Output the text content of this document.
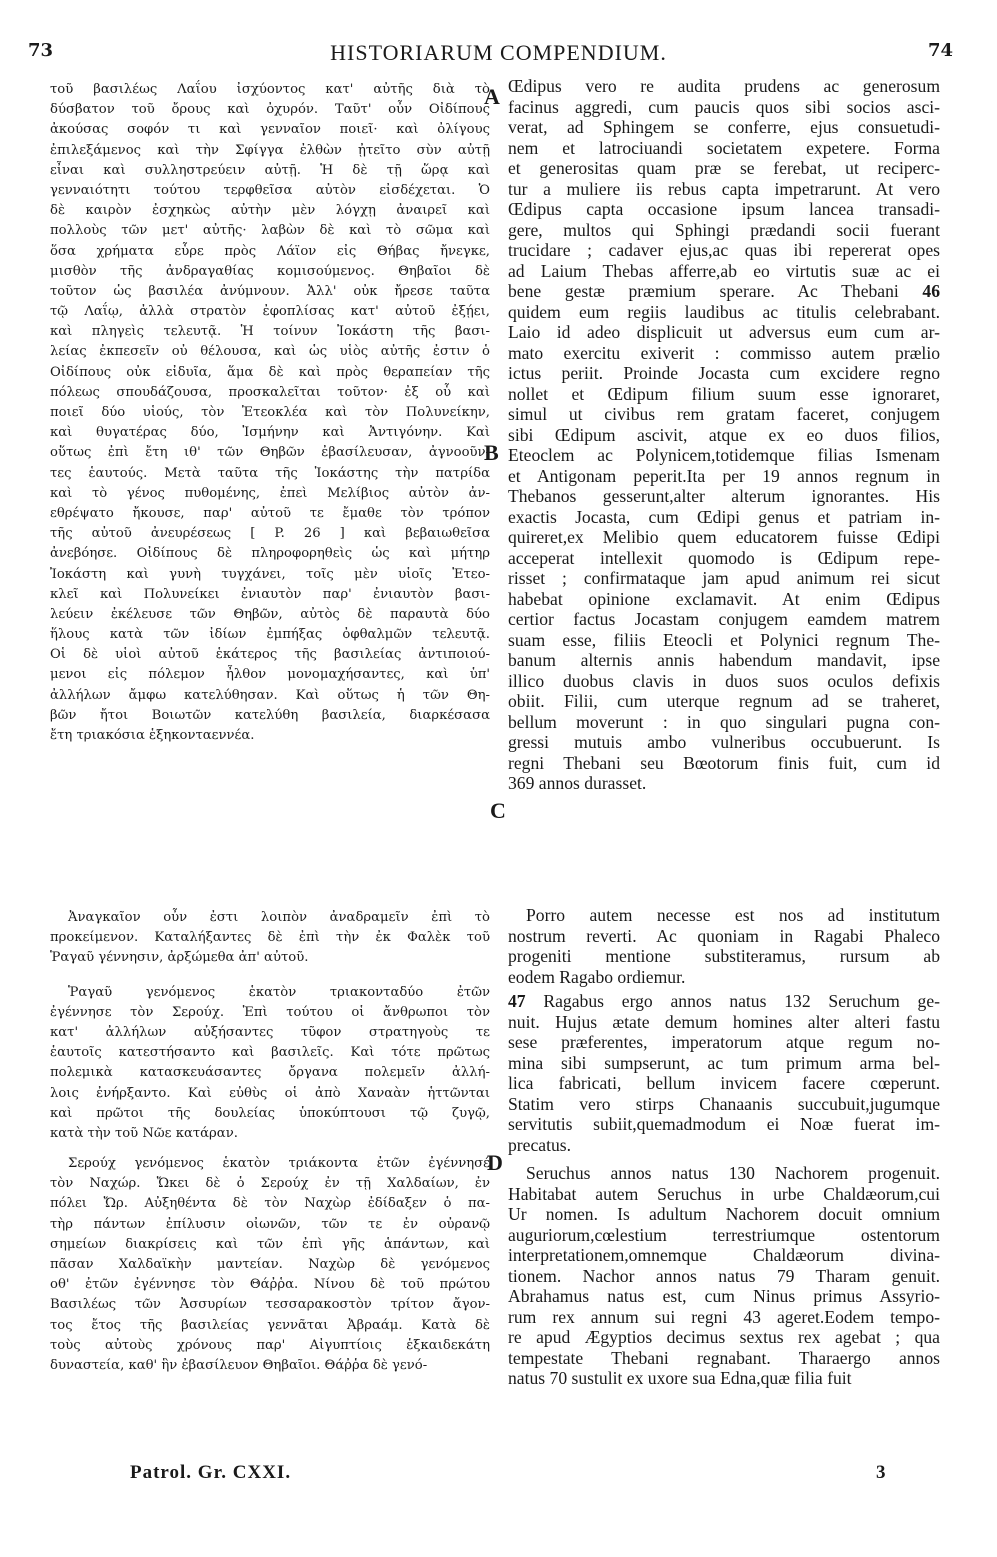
73	HISTORIARUM COMPENDIUM.	74
τοῦ βασιλέως Λαΐου ἰσχύοντος κατ' αὐτῆς διὰ τὸ
δύσβατον τοῦ ὄρους καὶ ὀχυρόν. Ταῦτ' οὖν Οἰδίπους
ἀκούσας σοφόν τι καὶ γενναῖον ποιεῖ· καὶ ὀλίγους
ἐπιλεξάμενος καὶ τὴν Σφίγγα ἐλθὼν ᾐτεῖτο σὺν αὐτῇ
εἶναι καὶ συλληστρεύειν αὐτῇ. Ἡ δὲ τῇ ὥρᾳ καὶ
γενναιότητι τούτου τερφθεῖσα αὐτὸν εἰσδέχεται. Ὁ
δὲ καιρὸν ἐσχηκὼς αὐτὴν μὲν λόγχῃ ἀναιρεῖ καὶ
πολλοὺς τῶν μετ' αὐτῆς· λαβὼν δὲ καὶ τὸ σῶμα καὶ
ὅσα χρήματα εὗρε πρὸς Λάϊον εἰς Θήβας ἤνεγκε,
μισθὸν τῆς ἀνδραγαθίας κομισούμενος. Θηβαῖοι δὲ
τοῦτον ὡς βασιλέα ἀνύμνουν. Ἀλλ' οὐκ ἤρεσε ταῦτα
τῷ Λαΐῳ, ἀλλὰ στρατὸν ἐφοπλίσας κατ' αὐτοῦ ἐξῄει,
καὶ πληγεὶς τελευτᾷ. Ἡ τοίνυν Ἰοκάστη τῆς βασι-
λείας ἐκπεσεῖν οὐ θέλουσα, καὶ ὡς υἱὸς αὐτῆς ἐστιν ὁ
Οἰδίπους οὐκ εἰδυῖα, ἅμα δὲ καὶ πρὸς θεραπείαν τῆς
πόλεως σπουδάζουσα, προσκαλεῖται τοῦτον· ἐξ οὗ καὶ
ποιεῖ δύο υἱούς, τὸν Ἐτεοκλέα καὶ τὸν Πολυνείκην,
καὶ θυγατέρας δύο, Ἰσμήνην καὶ Ἀντιγόνην. Καὶ
οὕτως ἐπὶ ἔτη ιθ' τῶν Θηβῶν ἐβασίλευσαν, ἀγνοοῦν-
τες ἑαυτούς. Μετὰ ταῦτα τῆς Ἰοκάστης τὴν πατρίδα
καὶ τὸ γένος πυθομένης, ἐπεὶ Μελίβιος αὐτὸν ἀν-
εθρέψατο ἤκουσε, παρ' αὐτοῦ τε ἔμαθε τὸν τρόπον
τῆς αὐτοῦ ἀνευρέσεως [ P. 26 ] καὶ βεβαιωθεῖσα
ἀνεβόησε. Οἰδίπους δὲ πληροφορηθεὶς ὡς καὶ μήτηρ
Ἰοκάστη καὶ γυνὴ τυγχάνει, τοῖς μὲν υἱοῖς Ἐτεο-
κλεῖ καὶ Πολυνείκει ἐνιαυτὸν παρ' ἐνιαυτὸν βασι-
λεύειν ἐκέλευσε τῶν Θηβῶν, αὐτὸς δὲ παραυτὰ δύο
ἥλους κατὰ τῶν ἰδίων ἐμπήξας ὀφθαλμῶν τελευτᾷ.
Οἱ δὲ υἱοὶ αὐτοῦ ἑκάτερος τῆς βασιλείας ἀντιποιού-
μενοι εἰς πόλεμον ἦλθον μονομαχήσαντες, καὶ ὑπ'
ἀλλήλων ἄμφω κατελύθησαν. Καὶ οὕτως ἡ τῶν Θη-
βῶν ἤτοι Βοιωτῶν κατελύθη βασιλεία, διαρκέσασα
ἔτη τριακόσια ἑξηκονταεννέα.
Œdipus vero re audita prudens ac generosum
facinus aggredi, cum paucis quos sibi socios asci-
verat, ad Sphingem se conferre, ejus consuetudi-
nem et latrociuandi societatem expetere. Forma
et generositas quam præ se ferebat, ut reciperc-
tur a muliere iis rebus capta impetrarunt. At vero
Œdipus capta occasione ipsum lancea transadi-
gere, multos qui Sphingi prædandi socii fuerant
trucidare ; cadaver ejus,ac quas ibi repererat opes
ad Laium Thebas afferre,ab eo virtutis suæ ac ei
bene gestæ præmium sperare. Ac Thebani 46
quidem eum regiis laudibus ac titulis celebrabant.
Laio id adeo displicuit ut adversus eum cum ar-
mato exercitu exiverit : commisso autem prælio
ictus periit. Proinde Jocasta cum excidere regno
nollet et Œdipum filium suum esse ignoraret,
simul ut civibus rem gratam faceret, conjugem
sibi Œdipum ascivit, atque ex eo duos filios,
Eteoclem ac Polynicem,totidemque filias Ismenam
et Antigonam peperit.Ita per 19 annos regnum in
Thebanos gesserunt,alter alterum ignorantes. His
exactis Jocasta, cum Œdipi genus et patriam in-
quireret,ex Melibio quem educatorem fuisse Œdipi
acceperat intellexit quomodo is Œdipum repe-
risset ; confirmataque jam apud animum rei sicut
habebat opinione exclamavit. At enim Œdipus
certior factus Jocastam conjugem eamdem matrem
suam esse, filiis Eteocli et Polynici regnum The-
banum alternis annis habendum mandavit, ipse
illico duobus clavis in duos suos oculos defixis
obiit. Filii, cum uterque regnum ad se traheret,
bellum moverunt : in quo singulari pugna con-
gressi mutuis ambo vulneribus occubuerunt. Is
regni Thebani seu Bœotorum finis fuit, cum id
369 annos durasset.
A
B
C
D
Ἀναγκαῖον οὖν ἐστι λοιπὸν ἀναδραμεῖν ἐπὶ τὸ
προκείμενον. Καταλήξαντες δὲ ἐπὶ τὴν ἐκ Φαλὲκ τοῦ
Ῥαγαῦ γέννησιν, ἀρξώμεθα ἀπ' αὐτοῦ.
Ῥαγαῦ γενόμενος ἑκατὸν τριακονταδύο ἐτῶν
ἐγέννησε τὸν Σερούχ. Ἐπὶ τούτου οἱ ἄνθρωποι τὸν
κατ' ἀλλήλων αὐξήσαντες τῦφον στρατηγοὺς τε
ἑαυτοῖς κατεστήσαντο καὶ βασιλεῖς. Καὶ τότε πρῶτως
πολεμικὰ κατασκευάσαντες ὄργανα πολεμεῖν ἀλλή-
λοις ἐνήρξαντο. Καὶ εὐθὺς οἱ ἀπὸ Χαναὰν ἡττῶνται
καὶ πρῶτοι τῆς δουλείας ὑποκύπτουσι τῷ ζυγῷ,
κατὰ τὴν τοῦ Νῶε κατάραν.
Σερούχ γενόμενος ἑκατὸν τριάκοντα ἐτῶν ἐγέννησέ
τὸν Ναχώρ. Ὤκει δὲ ὁ Σερούχ ἐν τῇ Χαλδαίων, ἐν
πόλει Ὤρ. Αὐξηθέντα δὲ τὸν Ναχὼρ ἐδίδαξεν ὁ πα-
τὴρ πάντων ἐπίλυσιν οἰωνῶν, τῶν τε ἐν οὐρανῷ
σημείων διακρίσεις καὶ τῶν ἐπὶ γῆς ἁπάντων, καὶ
πᾶσαν Χαλδαϊκὴν μαντείαν. Ναχὼρ δὲ γενόμενος
οθ' ἐτῶν ἐγέννησε τὸν Θάῤῥα. Νίνου δὲ τοῦ πρώτου
Βασιλέως τῶν Ἀσσυρίων τεσσαρακοστὸν τρίτον ἄγον-
τος ἔτος τῆς βασιλείας γεννᾶται Ἀβραάμ. Κατὰ δὲ
τοὺς αὐτοὺς χρόνους παρ' Αἰγυπτίοις ἑξκαιδεκάτη
δυναστεία, καθ' ἣν ἐβασίλευον Θηβαῖοι. Θάῤῥα δὲ γενό-
Porro autem necesse est nos ad institutum
nostrum reverti. Ac quoniam in Ragabi Phaleco
progeniti mentione substiteramus, rursum ab
eodem Ragabo ordiemur.
47 Ragabus ergo annos natus 132 Seruchum ge-
nuit. Hujus ætate demum homines alter alteri fastu
sese præferentes, imperatorum atque regum no-
mina sibi sumpserunt, ac tum primum arma bel-
lica fabricati, bellum invicem facere cœperunt.
Statim vero stirps Chanaanis succubuit,jugumque
servitutis subiit,quemadmodum ei Noæ fuerat im-
precatus.
Seruchus annos natus 130 Nachorem progenuit.
Habitabat autem Seruchus in urbe Chaldæorum,cui
Ur nomen. Is adultum Nachorem docuit omnium
auguriorum,cœlestium terrestriumque ostentorum
interpretationem,omnemque Chaldæorum divina-
tionem. Nachor annos natus 79 Tharam genuit.
Abrahamus natus est, cum Ninus primus Assyrio-
rum rex annum sui regni 43 ageret.Eodem tempo-
re apud Ægyptios decimus sextus rex agebat ; qua
tempestate Thebani regnabant. Tharaergo annos
natus 70 sustulit ex uxore sua Edna,quæ filia fuit
Patrol. Gr. CXXI.	3
